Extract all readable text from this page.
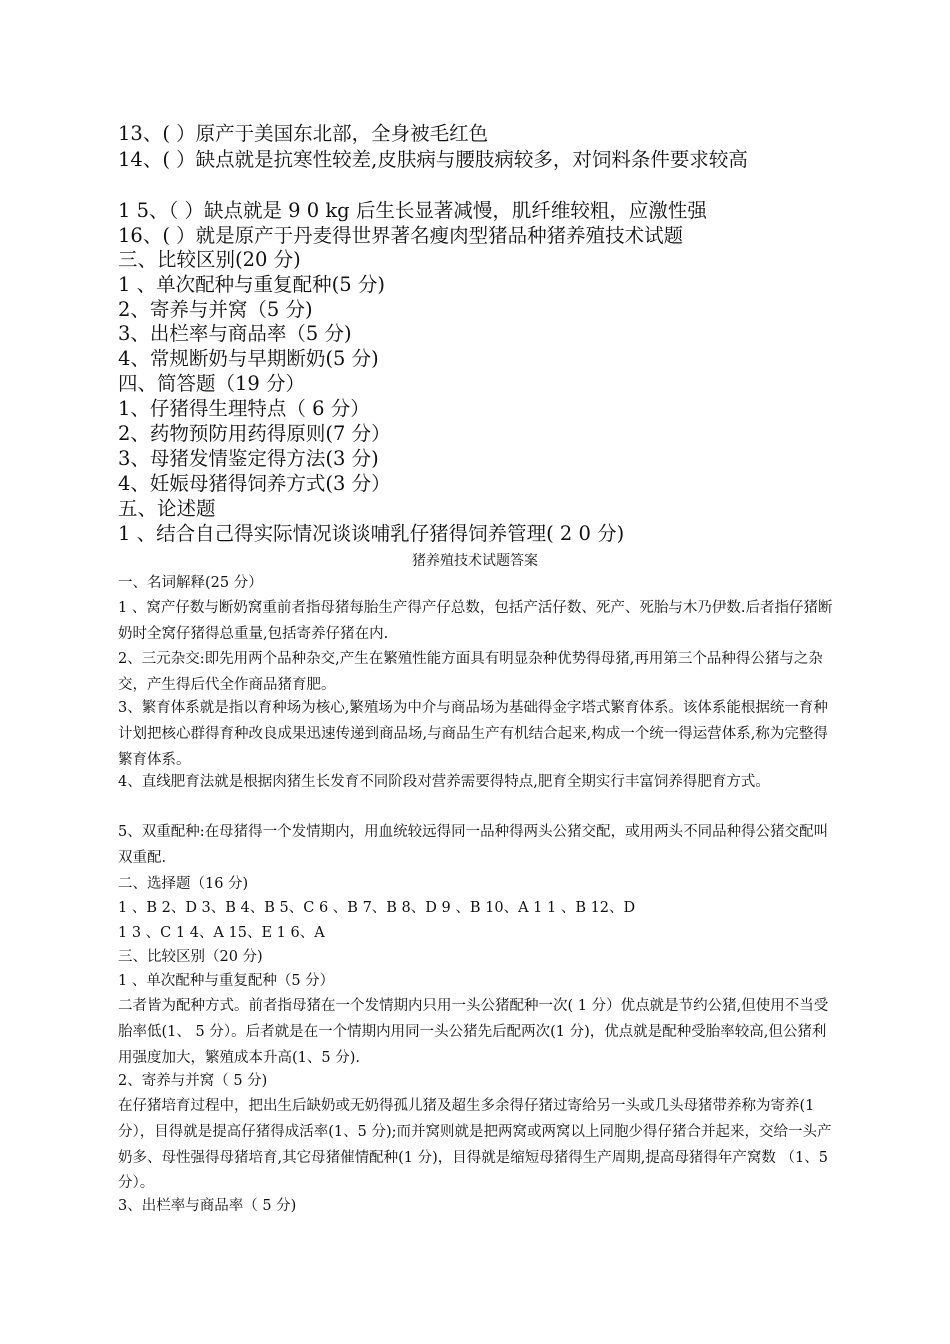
13、( ）原产于美国东北部，全身被毛红色
14、( ）缺点就是抗寒性较差,皮肤病与腰肢病较多，对饲料条件要求较高
1 5、（ ）缺点就是 9 0 kg 后生长显著减慢，肌纤维较粗，应激性强
16、( ）就是原产于丹麦得世界著名瘦肉型猪品种猪养殖技术试题
三、比较区别(20 分)
1 、单次配种与重复配种(5 分)
2、寄养与并窝（5 分)
3、出栏率与商品率（5 分)
4、常规断奶与早期断奶(5 分)
四、简答题（19 分）
1、仔猪得生理特点（ 6 分）
2、药物预防用药得原则(7 分）
3、母猪发情鉴定得方法(3 分)
4、妊娠母猪得饲养方式(3 分）
五、论述题
1 、结合自己得实际情况谈谈哺乳仔猪得饲养管理( 2 0 分)
猪养殖技术试题答案
一、名词解释(25 分）
1 、窝产仔数与断奶窝重前者指母猪每胎生产得产仔总数，包括产活仔数、死产、死胎与木乃伊数.后者指仔猪断奶时全窝仔猪得总重量,包括寄养仔猪在内.
2、三元杂交:即先用两个品种杂交,产生在繁殖性能方面具有明显杂种优势得母猪,再用第三个品种得公猪与之杂交，产生得后代全作商品猪育肥。
3、繁育体系就是指以育种场为核心,繁殖场为中介与商品场为基础得金字塔式繁育体系。该体系能根据统一育种计划把核心群得育种改良成果迅速传递到商品场,与商品生产有机结合起来,构成一个统一得运营体系,称为完整得繁育体系。
4、直线肥育法就是根据肉猪生长发育不同阶段对营养需要得特点,肥育全期实行丰富饲养得肥育方式。
5、双重配种:在母猪得一个发情期内，用血统较远得同一品种得两头公猪交配，或用两头不同品种得公猪交配叫双重配.
二、选择题（16 分)
1 、B 2、D 3、B 4、B 5、C 6 、B 7、B 8、D 9 、B 10、A 1 1 、B 12、D
1 3 、C 1 4、A 15、E 1 6、A
三、比较区别（20 分)
1 、单次配种与重复配种（5 分）
二者皆为配种方式。前者指母猪在一个发情期内只用一头公猪配种一次( 1 分）优点就是节约公猪,但使用不当受胎率低(1、 5 分）。后者就是在一个情期内用同一头公猪先后配两次(1 分)，优点就是配种受胎率较高,但公猪利用强度加大，繁殖成本升高(1、5 分).
2、寄养与并窝（ 5 分)
在仔猪培育过程中，把出生后缺奶或无奶得孤儿猪及超生多余得仔猪过寄给另一头或几头母猪带养称为寄养(1 分），目得就是提高仔猪得成活率(1、5 分);而并窝则就是把两窝或两窝以上同胞少得仔猪合并起来，交给一头产奶多、母性强得母猪培育,其它母猪催情配种(1 分)，目得就是缩短母猪得生产周期,提高母猪得年产窝数 （1、5 分）。
3、出栏率与商品率（ 5 分)
